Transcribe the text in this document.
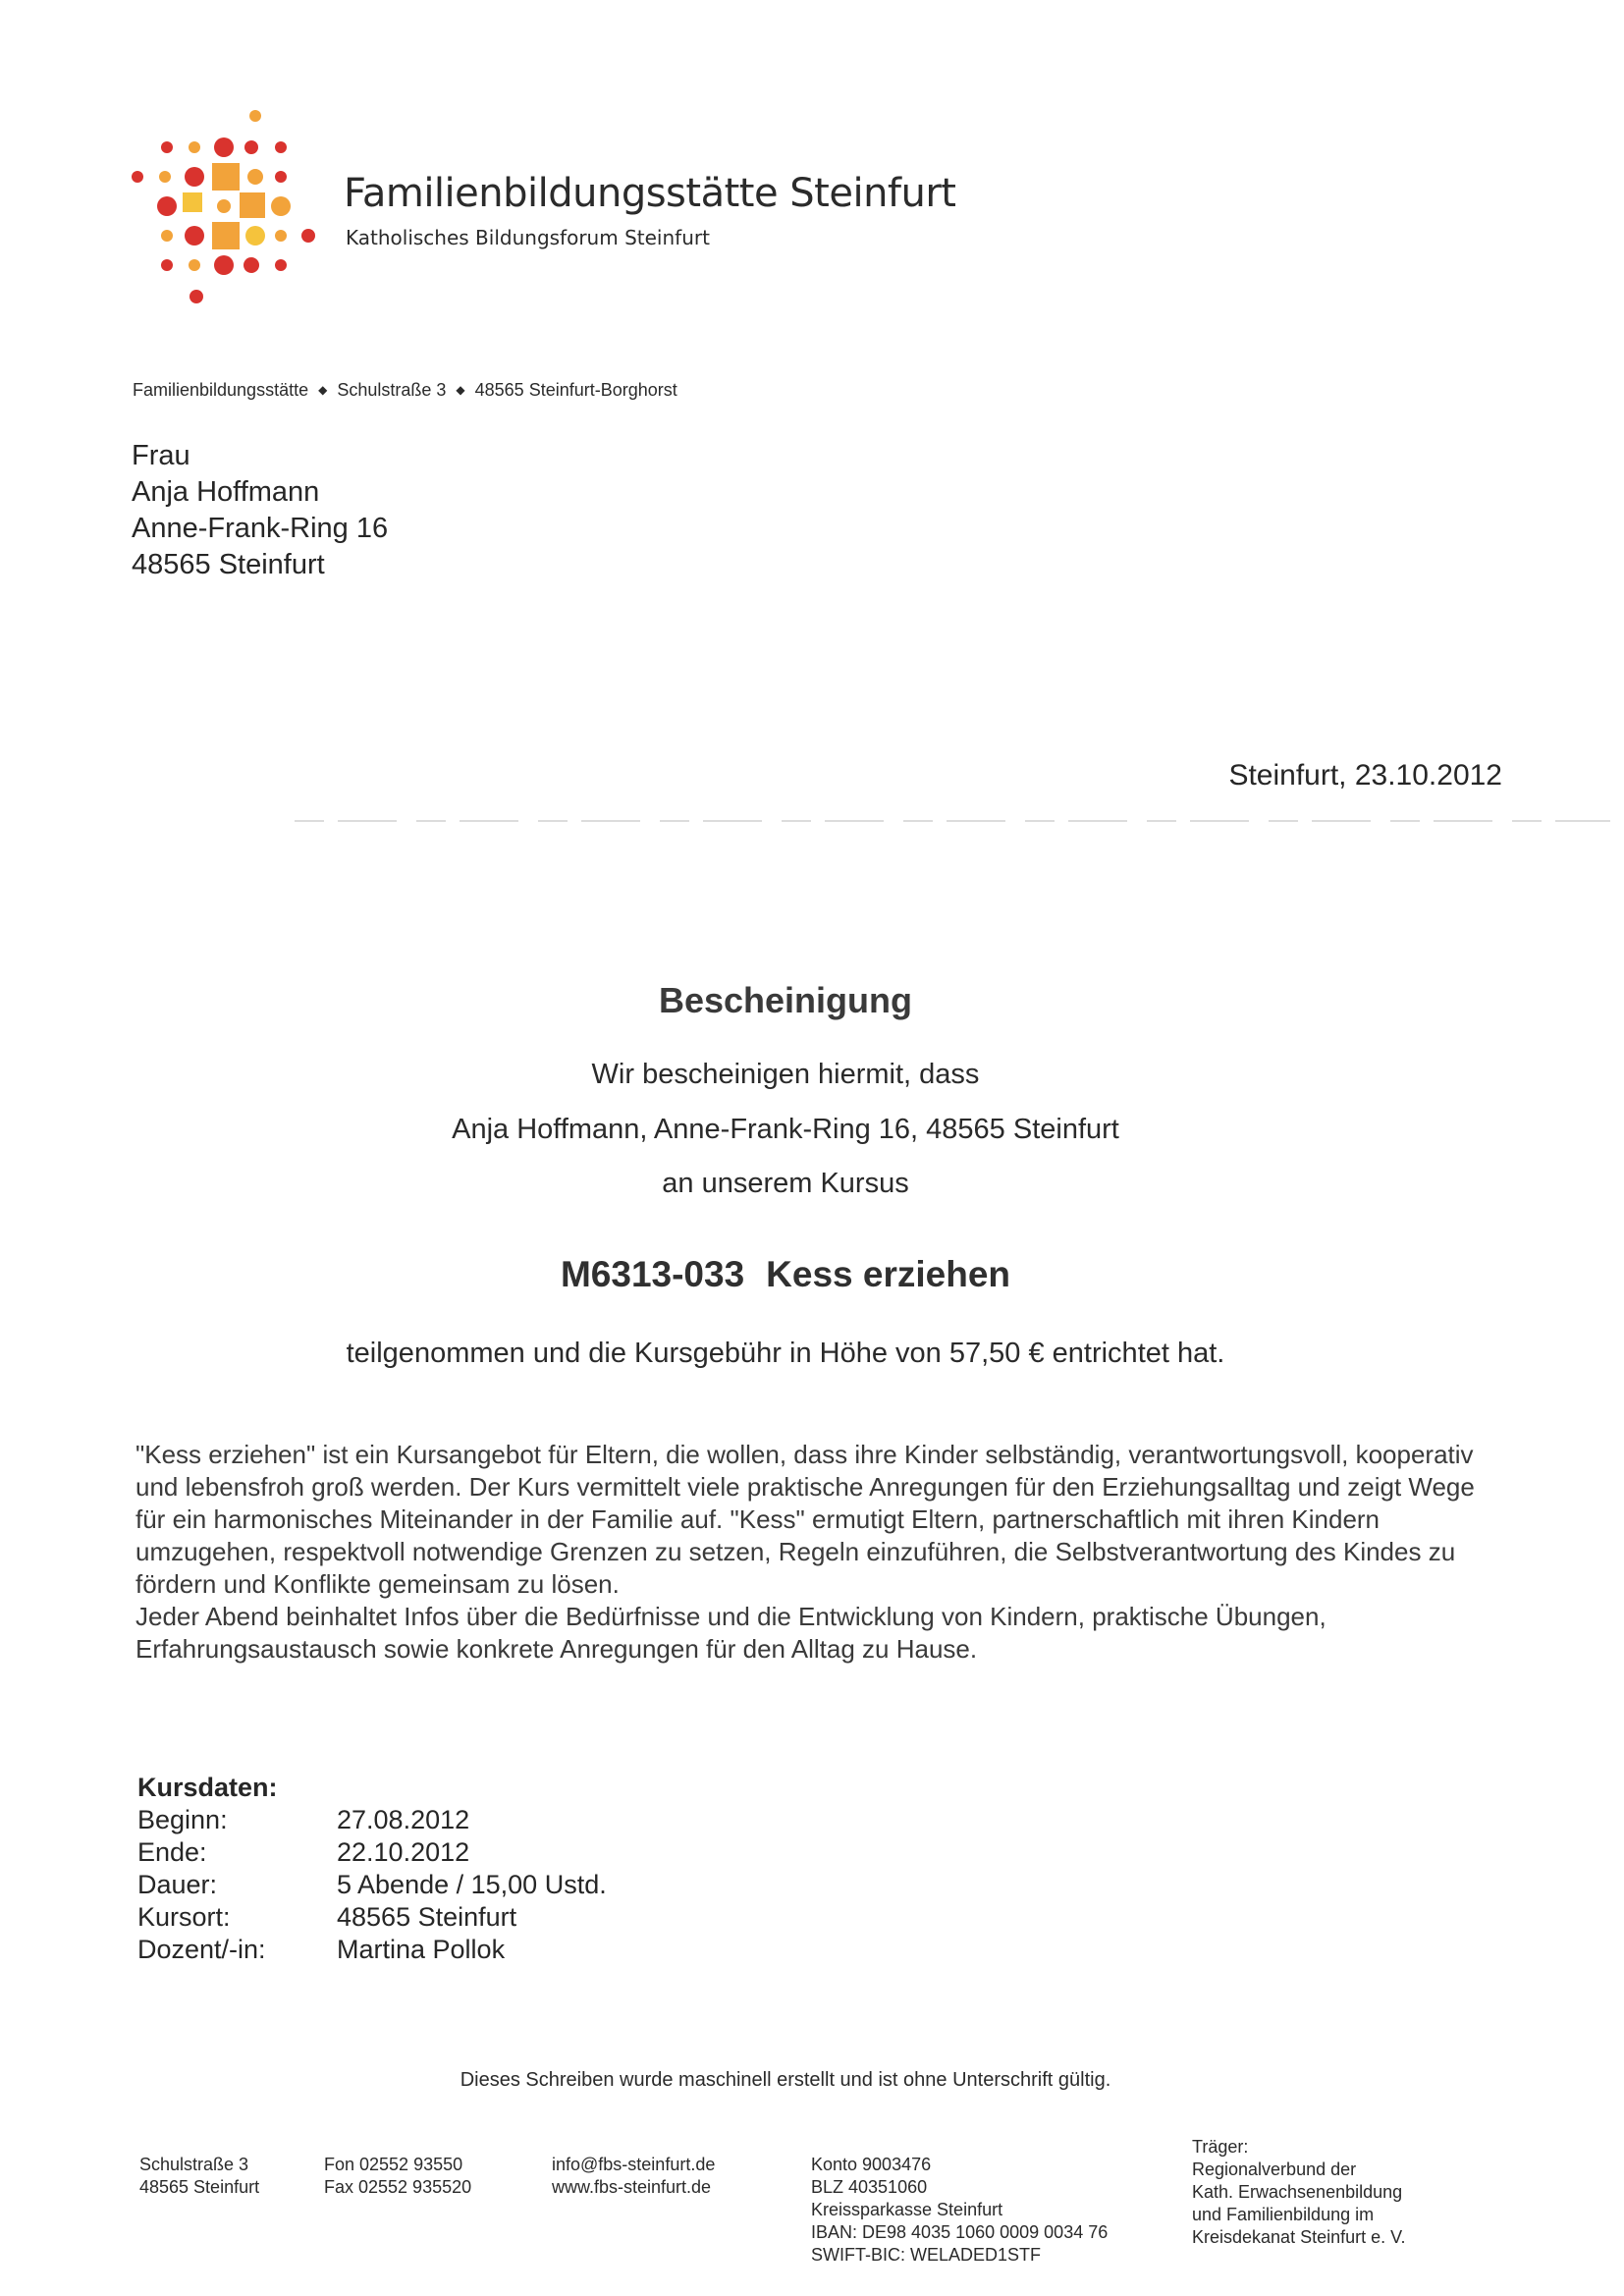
Familienbildungsstätte Steinfurt
Katholisches Bildungsforum Steinfurt
Familienbildungsstätte ◆ Schulstraße 3 ◆ 48565 Steinfurt-Borghorst
Frau
Anja Hoffmann
Anne-Frank-Ring 16
48565 Steinfurt
Steinfurt, 23.10.2012
Bescheinigung
Wir bescheinigen hiermit, dass
Anja Hoffmann, Anne-Frank-Ring 16, 48565 Steinfurt
an unserem Kursus
M6313-033 Kess erziehen
teilgenommen und die Kursgebühr in Höhe von 57,50 € entrichtet hat.

"Kess erziehen" ist ein Kursangebot für Eltern, die wollen, dass ihre Kinder selbständig, verantwortungsvoll, kooperativ und lebensfroh groß werden. Der Kurs vermittelt viele praktische Anregungen für den Erziehungsalltag und zeigt Wege für ein harmonisches Miteinander in der Familie auf. "Kess" ermutigt Eltern, partnerschaftlich mit ihren Kindern umzugehen, respektvoll notwendige Grenzen zu setzen, Regeln einzuführen, die Selbstverantwortung des Kindes zu fördern und Konflikte gemeinsam zu lösen.

Jeder Abend beinhaltet Infos über die Bedürfnisse und die Entwicklung von Kindern, praktische Übungen, Erfahrungsaustausch sowie konkrete Anregungen für den Alltag zu Hause.

Kursdaten:
Beginn:	27.08.2012
Ende:	22.10.2012
Dauer:	5 Abende / 15,00 Ustd.
Kursort:	48565 Steinfurt
Dozent/-in:	Martina Pollok
Dieses Schreiben wurde maschinell erstellt und ist ohne Unterschrift gültig.
Schulstraße 3
48565 Steinfurt
Fon 02552 93550
Fax 02552 935520
info@fbs-steinfurt.de
www.fbs-steinfurt.de
Konto 9003476
BLZ 40351060
Kreissparkasse Steinfurt
IBAN: DE98 4035 1060 0009 0034 76
SWIFT-BIC: WELADED1STF
Träger:
Regionalverbund der
Kath. Erwachsenenbildung
und Familienbildung im
Kreisdekanat Steinfurt e. V.
